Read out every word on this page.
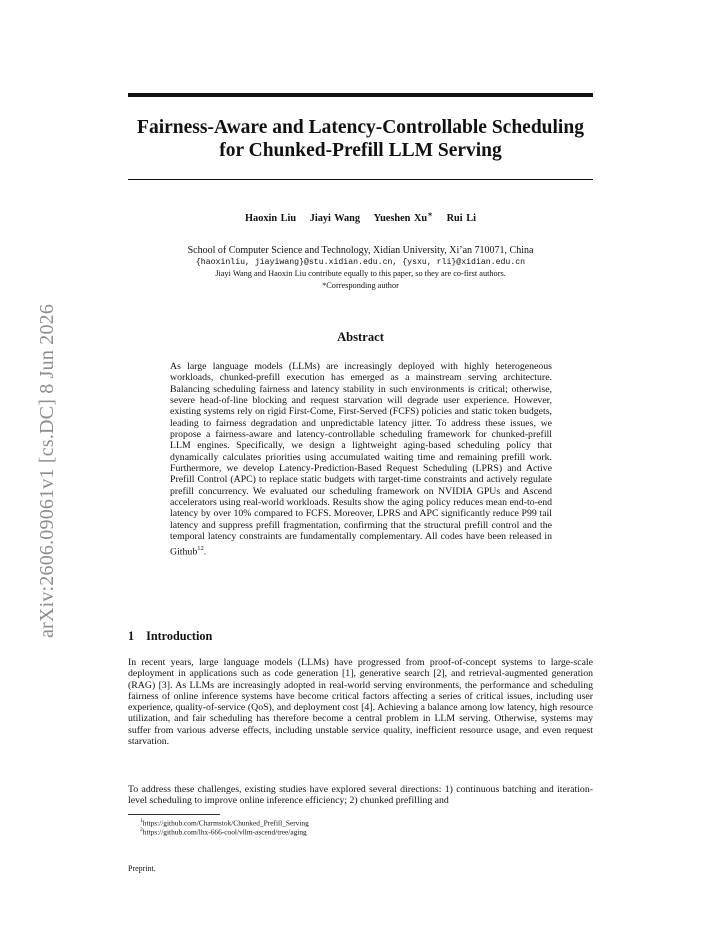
arXiv:2606.09061v1 [cs.DC] 8 Jun 2026
Fairness-Aware and Latency-Controllable Scheduling
for Chunked-Prefill LLM Serving
Haoxin Liu Jiayi Wang Yueshen Xu∗ Rui Li
School of Computer Science and Technology, Xidian University, Xi’an 710071, China
{haoxinliu, jiayiwang}@stu.xidian.edu.cn, {ysxu, rli}@xidian.edu.cn
Jiayi Wang and Haoxin Liu contribute equally to this paper, so they are co-first authors.
*Corresponding author
Abstract

As large language models (LLMs) are increasingly deployed with highly heterogeneous workloads, chunked-prefill execution has emerged as a mainstream serving architecture. Balancing scheduling fairness and latency stability in such environments is critical; otherwise, severe head-of-line blocking and request starvation will degrade user experience. However, existing systems rely on rigid First-Come, First-Served (FCFS) policies and static token budgets, leading to fairness degradation and unpredictable latency jitter. To address these issues, we propose a fairness-aware and latency-controllable scheduling framework for chunked-prefill LLM engines. Specifically, we design a lightweight aging-based scheduling policy that dynamically calculates priorities using accumulated waiting time and remaining prefill work. Furthermore, we develop Latency-Prediction-Based Request Scheduling (LPRS) and Active Prefill Control (APC) to replace static budgets with target-time constraints and actively regulate prefill concurrency. We evaluated our scheduling framework on NVIDIA GPUs and Ascend accelerators using real-world workloads. Results show the aging policy reduces mean end-to-end latency by over 10% compared to FCFS. Moreover, LPRS and APC significantly reduce P99 tail latency and suppress prefill fragmentation, confirming that the structural prefill control and the temporal latency constraints are fundamentally complementary. All codes have been released in Github$^{12}$.

1 Introduction

In recent years, large language models (LLMs) have progressed from proof-of-concept systems to large-scale deployment in applications such as code generation [1], generative search [2], and retrieval-augmented generation (RAG) [3]. As LLMs are increasingly adopted in real-world serving environments, the performance and scheduling fairness of online inference systems have become critical factors affecting a series of critical issues, including user experience, quality-of-service (QoS), and deployment cost [4]. Achieving a balance among low latency, high resource utilization, and fair scheduling has therefore become a central problem in LLM serving. Otherwise, systems may suffer from various adverse effects, including unstable service quality, inefficient resource usage, and even request starvation.

To address these challenges, existing studies have explored several directions: 1) continuous batching and iteration-level scheduling to improve online inference efficiency; 2) chunked prefilling and

$^1$https://github.com/Charmstok/Chunked_Prefill_Serving
$^2$https://github.com/lhx-666-cool/vllm-ascend/tree/aging
Preprint.
